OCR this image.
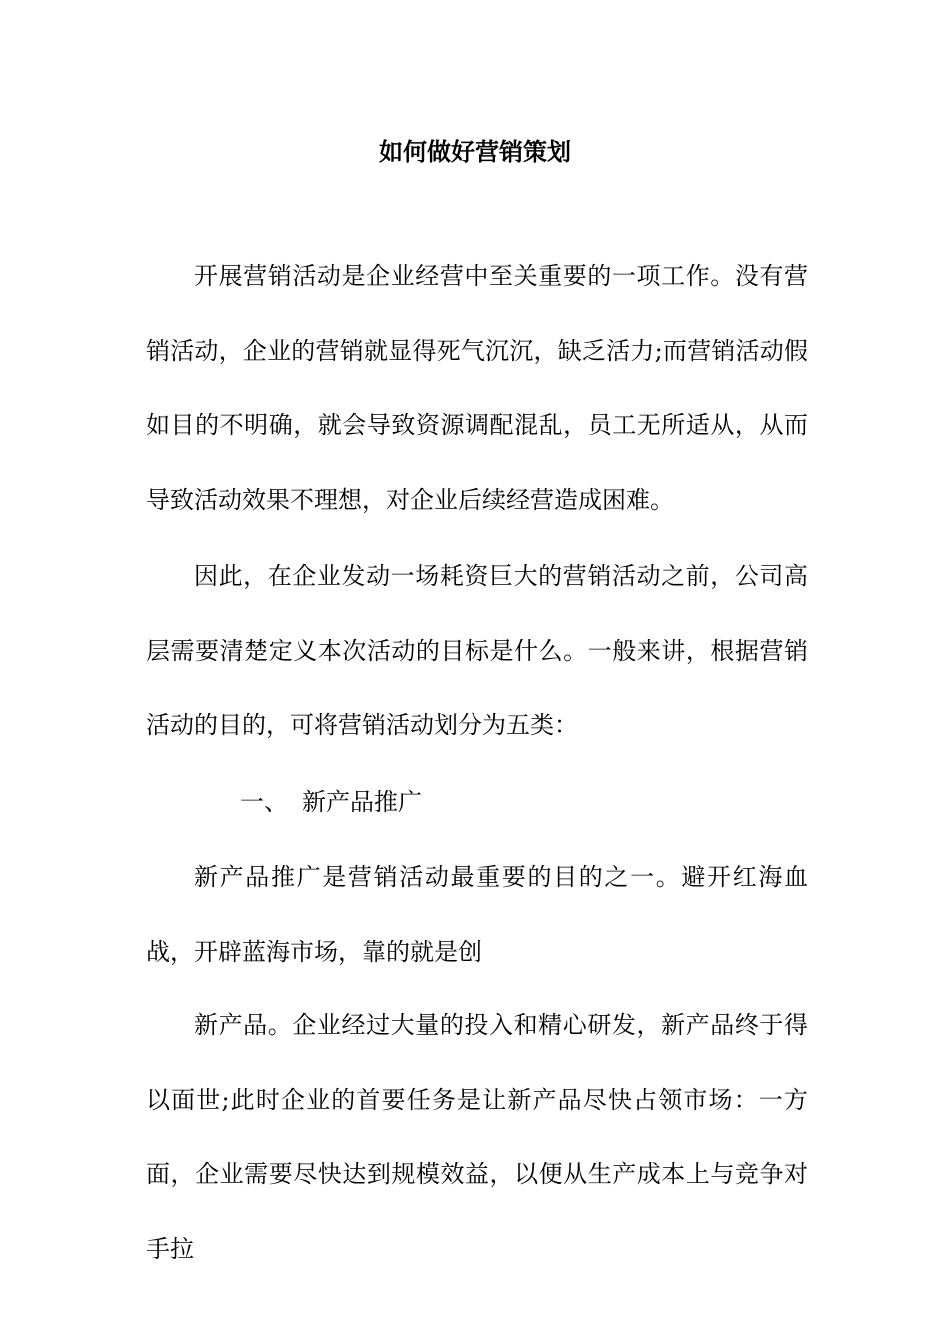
如何做好营销策划
开展营销活动是企业经营中至关重要的一项工作。没有营销活动，企业的营销就显得死气沉沉，缺乏活力;而营销活动假如目的不明确，就会导致资源调配混乱，员工无所适从，从而导致活动效果不理想，对企业后续经营造成困难。
因此，在企业发动一场耗资巨大的营销活动之前，公司高层需要清楚定义本次活动的目标是什么。一般来讲，根据营销活动的目的，可将营销活动划分为五类：
一、 新产品推广
新产品推广是营销活动最重要的目的之一。避开红海血战，开辟蓝海市场，靠的就是创
新产品。企业经过大量的投入和精心研发，新产品终于得以面世;此时企业的首要任务是让新产品尽快占领市场：一方面，企业需要尽快达到规模效益，以便从生产成本上与竞争对手拉
